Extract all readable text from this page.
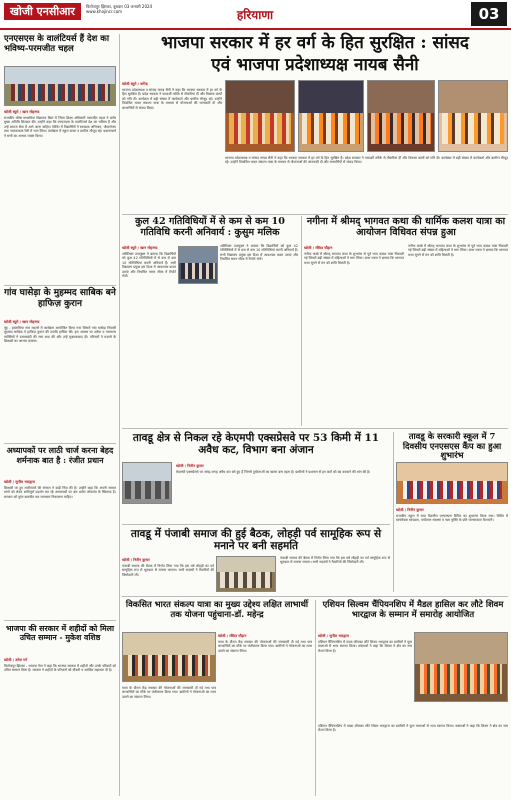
खोजी एनसीआर	फिरोजपुर झिरका, बुधवार 03 जनवरी 2024
www.khojincr.com	हरियाणा	03
एनएसएस के वालंटियर्स हैं देश का भविष्य-परमजीत चहल
खोजी ब्यूरो / खान मोहम्मद
राजकीय वरिष्ठ माध्यमिक विद्यालय बिवां में जिला शिक्षा अधिकारी परमजीत चहल ने बतौर मुख्य अतिथि शिरकत की। उन्होंने कहा कि एनएसएस के वालंटियर्स देश का भविष्य हैं और उन्हें समाज सेवा में आगे आना चाहिए। शिविर में विद्यार्थियों ने स्वच्छता अभियान, पौधारोपण तथा जागरूकता रैली में भाग लिया। कार्यक्रम में स्कूल स्टाफ व ग्रामीण मौजूद रहे। प्रधानाचार्य ने सभी का आभार व्यक्त किया।
गांव घासेड़ा के मुहम्मद साबिक बने हाफिज़ कुरान
खोजी ब्यूरो / खान मोहम्मद
नूंह - इस्लामिया नाम मदरसे में कार्यक्रम आयोजित किया गया जिसमें गांव घासेड़ा निवासी मुहम्मद साबिक ने हाफिज़ कुरान की उपाधि हासिल की। इस अवसर पर उलेमा व गणमान्य व्यक्तियों ने दस्तारबंदी की रस्म अदा की और उन्हें मुबारकबाद दी। परिजनों ने मदरसे के शिक्षकों का आभार जताया।
अध्यापकों पर लाठी चार्ज करना बेहद शर्मनाक बात है : रंजीत प्रधान
खोजी / सुनील भारद्वाज
शिक्षकों पर हुए लाठीचार्ज की संगठन ने कड़ी निंदा की है। उन्होंने कहा कि अपनी जायज मांगों को लेकर शांतिपूर्ण प्रदर्शन कर रहे अध्यापकों पर बल प्रयोग लोकतंत्र के खिलाफ है। सरकार को तुरंत बातचीत कर समाधान निकालना चाहिए।
भाजपा की सरकार में शहीदों को मिला उचित सम्मान - मुकेश वशिष्ठ
खोजी / उमेश गर्ग
फिरोजपुर झिरका - भाजपा नेता ने कहा कि भाजपा सरकार में शहीदों और उनके परिवारों को उचित सम्मान मिला है। सरकार ने शहीदों के परिजनों को नौकरी व आर्थिक सहायता दी है।
भाजपा सरकार में हर वर्ग के हित सुरक्षित : सांसद
एवं भाजपा प्रदेशाध्यक्ष नायब सैनी
खोजी ब्यूरो / धर्मेन्द्र
भाजपा प्रदेशाध्यक्ष व सांसद नायब सैनी ने कहा कि भाजपा सरकार में हर वर्ग के हित सुरक्षित हैं। प्रदेश सरकार ने पारदर्शी तरीके से नौकरियां दीं और विकास कार्यों को गति दी। कार्यक्रम में बड़ी संख्या में कार्यकर्ता और ग्रामीण मौजूद रहे। उन्होंने विकसित भारत संकल्प यात्रा के माध्यम से योजनाओं की जानकारी दी और लाभार्थियों से संवाद किया।
भाजपा प्रदेशाध्यक्ष व सांसद नायब सैनी ने कहा कि भाजपा सरकार में हर वर्ग के हित सुरक्षित हैं। प्रदेश सरकार ने पारदर्शी तरीके से नौकरियां दीं और विकास कार्यों को गति दी। कार्यक्रम में बड़ी संख्या में कार्यकर्ता और ग्रामीण मौजूद रहे। उन्होंने विकसित भारत संकल्प यात्रा के माध्यम से योजनाओं की जानकारी दी और लाभार्थियों से संवाद किया।
कुल 42 गतिविधियों में से कम से कम 10 गतिविधि करनी अनिवार्य : कुसुम मलिक
नगीना में श्रीमद् भागवत कथा की धार्मिक कलश यात्रा का आयोजन विधिवत संपन्न हुआ
खोजी ब्यूरो / खान मोहम्मद
अतिरिक्त उपायुक्त ने बताया कि विद्यार्थियों को कुल 42 गतिविधियों में से कम से कम 10 गतिविधियां करनी अनिवार्य हैं। सभी विद्यालय प्रमुख इस दिशा में आवश्यक कदम उठाएं और निर्धारित समय सीमा में रिपोर्ट भेजें।
अतिरिक्त उपायुक्त ने बताया कि विद्यार्थियों को कुल 42 गतिविधियों में से कम से कम 10 गतिविधियां करनी अनिवार्य हैं। सभी विद्यालय प्रमुख इस दिशा में आवश्यक कदम उठाएं और निर्धारित समय सीमा में रिपोर्ट भेजें।
खोजी / रविंदर चौहान
नगीना कस्बे में श्रीमद् भागवत कथा के शुभारंभ से पूर्व भव्य कलश यात्रा निकाली गई जिसमें बड़ी संख्या में महिलाओं ने भाग लिया। कथा व्यास ने बताया कि भागवत कथा सुनने से मन को शांति मिलती है।
नगीना कस्बे में श्रीमद् भागवत कथा के शुभारंभ से पूर्व भव्य कलश यात्रा निकाली गई जिसमें बड़ी संख्या में महिलाओं ने भाग लिया। कथा व्यास ने बताया कि भागवत कथा सुनने से मन को शांति मिलती है।
तावडू क्षेत्र से निकल रहे केएमपी एक्सप्रेसवे पर 53 किमी में 11 अवैध कट, विभाग बना अंजान
खोजी / नितीन कुमार
केएमपी एक्सप्रेसवे पर जगह-जगह अवैध कट बने हुए हैं जिनसे दुर्घटनाओं का खतरा बना रहता है। ग्रामीणों ने प्रशासन से इन कटों को बंद करवाने की मांग की है।
तावडू के सरकारी स्कूल में 7 दिवसीय एनएसएस कैंप का हुआ शुभारंभ
खोजी / नितीन कुमार
राजकीय स्कूल में सात दिवसीय एनएसएस शिविर का शुभारंभ किया गया। शिविर में स्वयंसेवक स्वच्छता, पर्यावरण संरक्षण व नशा मुक्ति के प्रति जागरूकता फैलाएंगे।
तावडू में पंजाबी समाज की हुई बैठक, लोहड़ी पर्व सामूहिक रूप से मनाने पर बनी सहमति
खोजी / नितीन कुमार
पंजाबी समाज की बैठक में निर्णय लिया गया कि इस वर्ष लोहड़ी का पर्व सामूहिक रूप से धूमधाम से मनाया जाएगा। सभी सदस्यों ने तैयारियों की जिम्मेदारी ली।
पंजाबी समाज की बैठक में निर्णय लिया गया कि इस वर्ष लोहड़ी का पर्व सामूहिक रूप से धूमधाम से मनाया जाएगा। सभी सदस्यों ने तैयारियों की जिम्मेदारी ली।
विकसित भारत संकल्प यात्रा का मुख्य उद्देश्य लक्षित लाभार्थी तक योजना पहुंचाना-डॉ. महेन्द्र
खोजी / रविंदर चौहान
यात्रा के दौरान केंद्र सरकार की योजनाओं की जानकारी दी गई तथा पात्र लाभार्थियों का मौके पर पंजीकरण किया गया। ग्रामीणों ने योजनाओं का लाभ उठाने का संकल्प लिया।
यात्रा के दौरान केंद्र सरकार की योजनाओं की जानकारी दी गई तथा पात्र लाभार्थियों का मौके पर पंजीकरण किया गया। ग्रामीणों ने योजनाओं का लाभ उठाने का संकल्प लिया।
एशियन सिल्वम चैंपियनशिप में मैडल हासिल कर लौटे शिवम भारद्वाज के सम्मान में समारोह आयोजित
खोजी / सुनील भारद्वाज
एशियन चैंपियनशिप में पदक जीतकर लौटे शिवम भारद्वाज का ग्रामीणों ने फूल मालाओं से भव्य स्वागत किया। वक्ताओं ने कहा कि शिवम ने क्षेत्र का नाम रोशन किया है।
एशियन चैंपियनशिप में पदक जीतकर लौटे शिवम भारद्वाज का ग्रामीणों ने फूल मालाओं से भव्य स्वागत किया। वक्ताओं ने कहा कि शिवम ने क्षेत्र का नाम रोशन किया है।
